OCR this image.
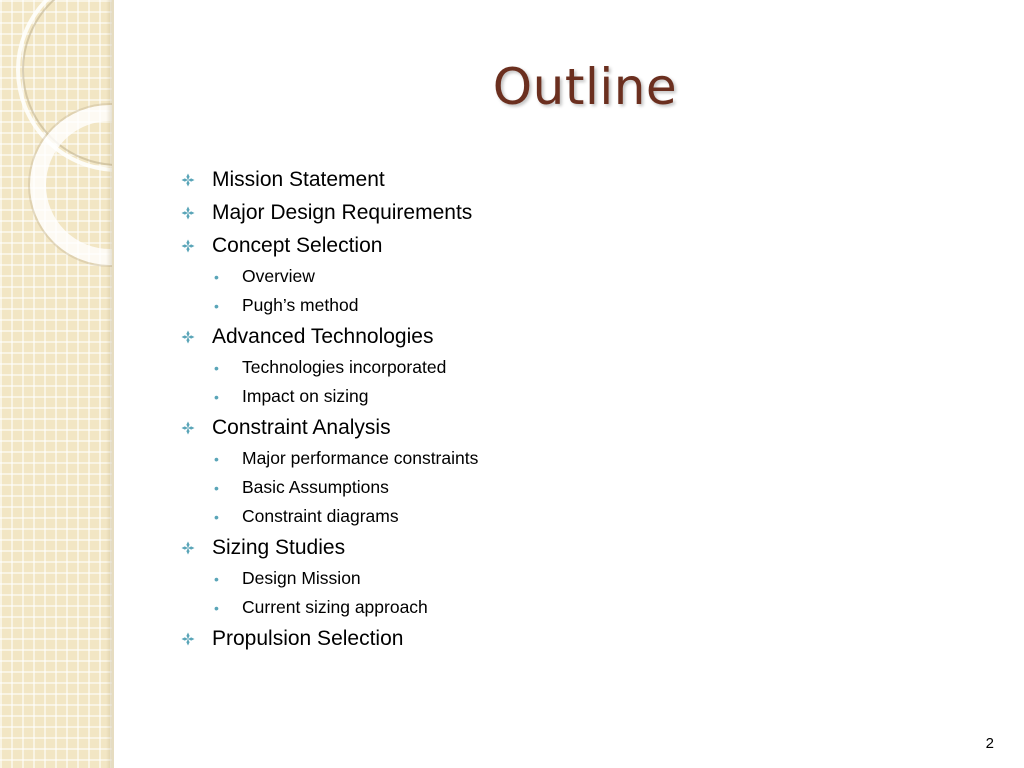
Outline
Mission Statement
Major Design Requirements
Concept Selection
•	Overview
•	Pugh’s method
Advanced Technologies
•	Technologies incorporated
•	Impact on sizing
Constraint Analysis
•	Major performance constraints
•	Basic Assumptions
•	Constraint diagrams
Sizing Studies
•	Design Mission
•	Current sizing approach
Propulsion Selection
2
